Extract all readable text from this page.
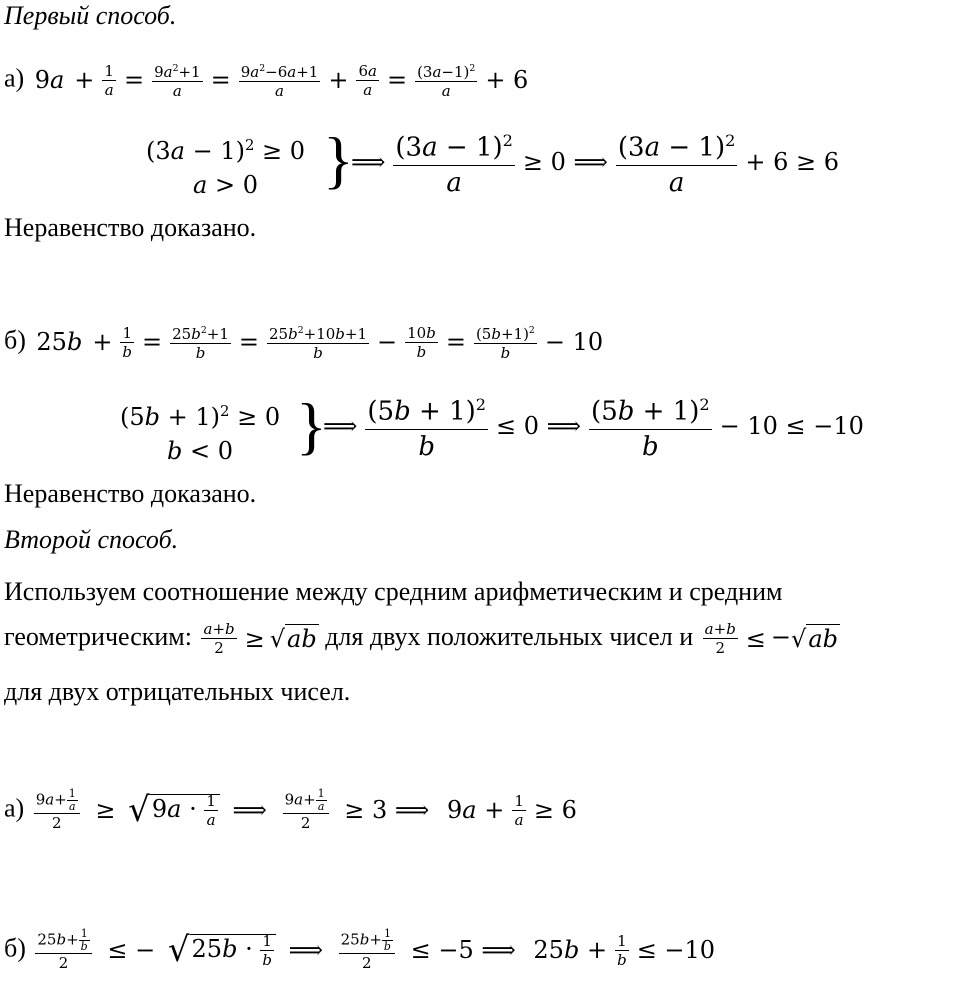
Первый способ.
а) $9a + \frac{1}{a} = \frac{9a^2+1}{a} = \frac{9a^2-6a+1}{a} + \frac{6a}{a} = \frac{(3a-1)^2}{a} + 6$
$(3a - 1)^2 \ge 0$
a > 0	}
⟹ $\frac{(3a - 1)^2}{a} \ge 0$ ⟹ $\frac{(3a - 1)^2}{a} + 6 \ge 6$
Неравенство доказано.
б) $25b + \frac{1}{b} = \frac{25b^2+1}{b} = \frac{25b^2+10b+1}{b} - \frac{10b}{b} = \frac{(5b+1)^2}{b} - 10$
$(5b + 1)^2 \ge 0$
b < 0 }
⟹ $\frac{(5b + 1)^2}{b} \le 0$ ⟹ $\frac{(5b + 1)^2}{b} - 10 \le -10$
Неравенство доказано.
Второй способ.
Используем соотношение между средним арифметическим и средним
геометрическим: $\frac{a+b}{2} \ge √ab$ для двух положительных чисел и $\frac{a+b}{2} \le -√ab$
для двух отрицательных чисел.
$а) \frac{9a+ \frac{1}{a}}{2} \ge √9a \cdot \frac{1}{a}$ ⟹ $\frac{9a+ \frac{1}{a}}{2} \ge 3$ ⟹ $9a + \frac{1}{a} \ge 6$
$б) \frac{25b+ \frac{1}{b}}{2}$ ≤ − $√25b \cdot \frac{1}{b}$ ⟹ $\frac{25b+ \frac{1}{b}}{2} \le -5$ ⟹ $25b + \frac{1}{b} \le -10$
